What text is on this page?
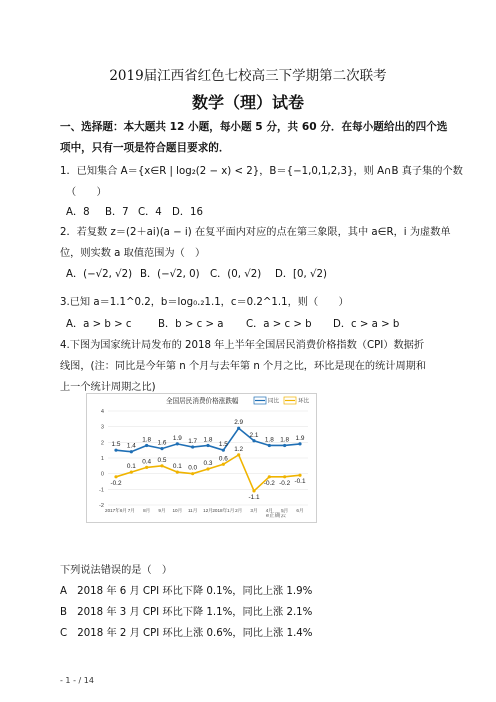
2019届江西省红色七校高三下学期第二次联考
数学（理）试卷
一、选择题：本大题共 12 小题，每小题 5 分，共 60 分．在每小题给出的四个选
项中，只有一项是符合题目要求的．
1．已知集合 A＝{x∈R | log₂(2 − x) < 2}，B＝{−1,0,1,2,3}，则 A∩B 真子集的个数
（　　）
A．8 B．7 C．4 D．16
2．若复数 z＝(2＋ai)(a − i) 在复平面内对应的点在第三象限，其中 a∈R，i 为虚数单
位，则实数 a 取值范围为（　）
A．(−√2, √2) B．(−√2, 0) C．(0, √2) D．[0, √2)
3.已知 a＝1.1^0.2，b＝log₀.₂1.1，c＝0.2^1.1，则（　　）
A．a > b > c	B．b > c > a C．a > c > b D．c > a > b
4.下图为国家统计局发布的 2018 年上半年全国居民消费价格指数（CPI）数据折
线图，(注：同比是今年第 n 个月与去年第 n 个月之比，环比是现在的统计周期和
上一个统计周期之比)
全国居民消费价格涨跌幅	同比	环比
4
3
2
1
0
-1
-2
2017年6月 7月 8月 9月 10月 11月 12月 2018年1月 2月 3月 4月 5月 6月
1.5 1.4
1.8 1.6
1.9 1.7 1.8
1.5
2.9
2.1
1.8 1.8 1.9
-0.2
0.1
0.4 0.5
0.1 0.0
0.3
0.6
1.2
-1.1
-0.2 -0.2 -0.1
e正确云
下列说法错误的是（　）
A　2018 年 6 月 CPI 环比下降 0.1%，同比上涨 1.9%
B　2018 年 3 月 CPI 环比下降 1.1%，同比上涨 2.1%
C　2018 年 2 月 CPI 环比上涨 0.6%，同比上涨 1.4%
- 1 - / 14
